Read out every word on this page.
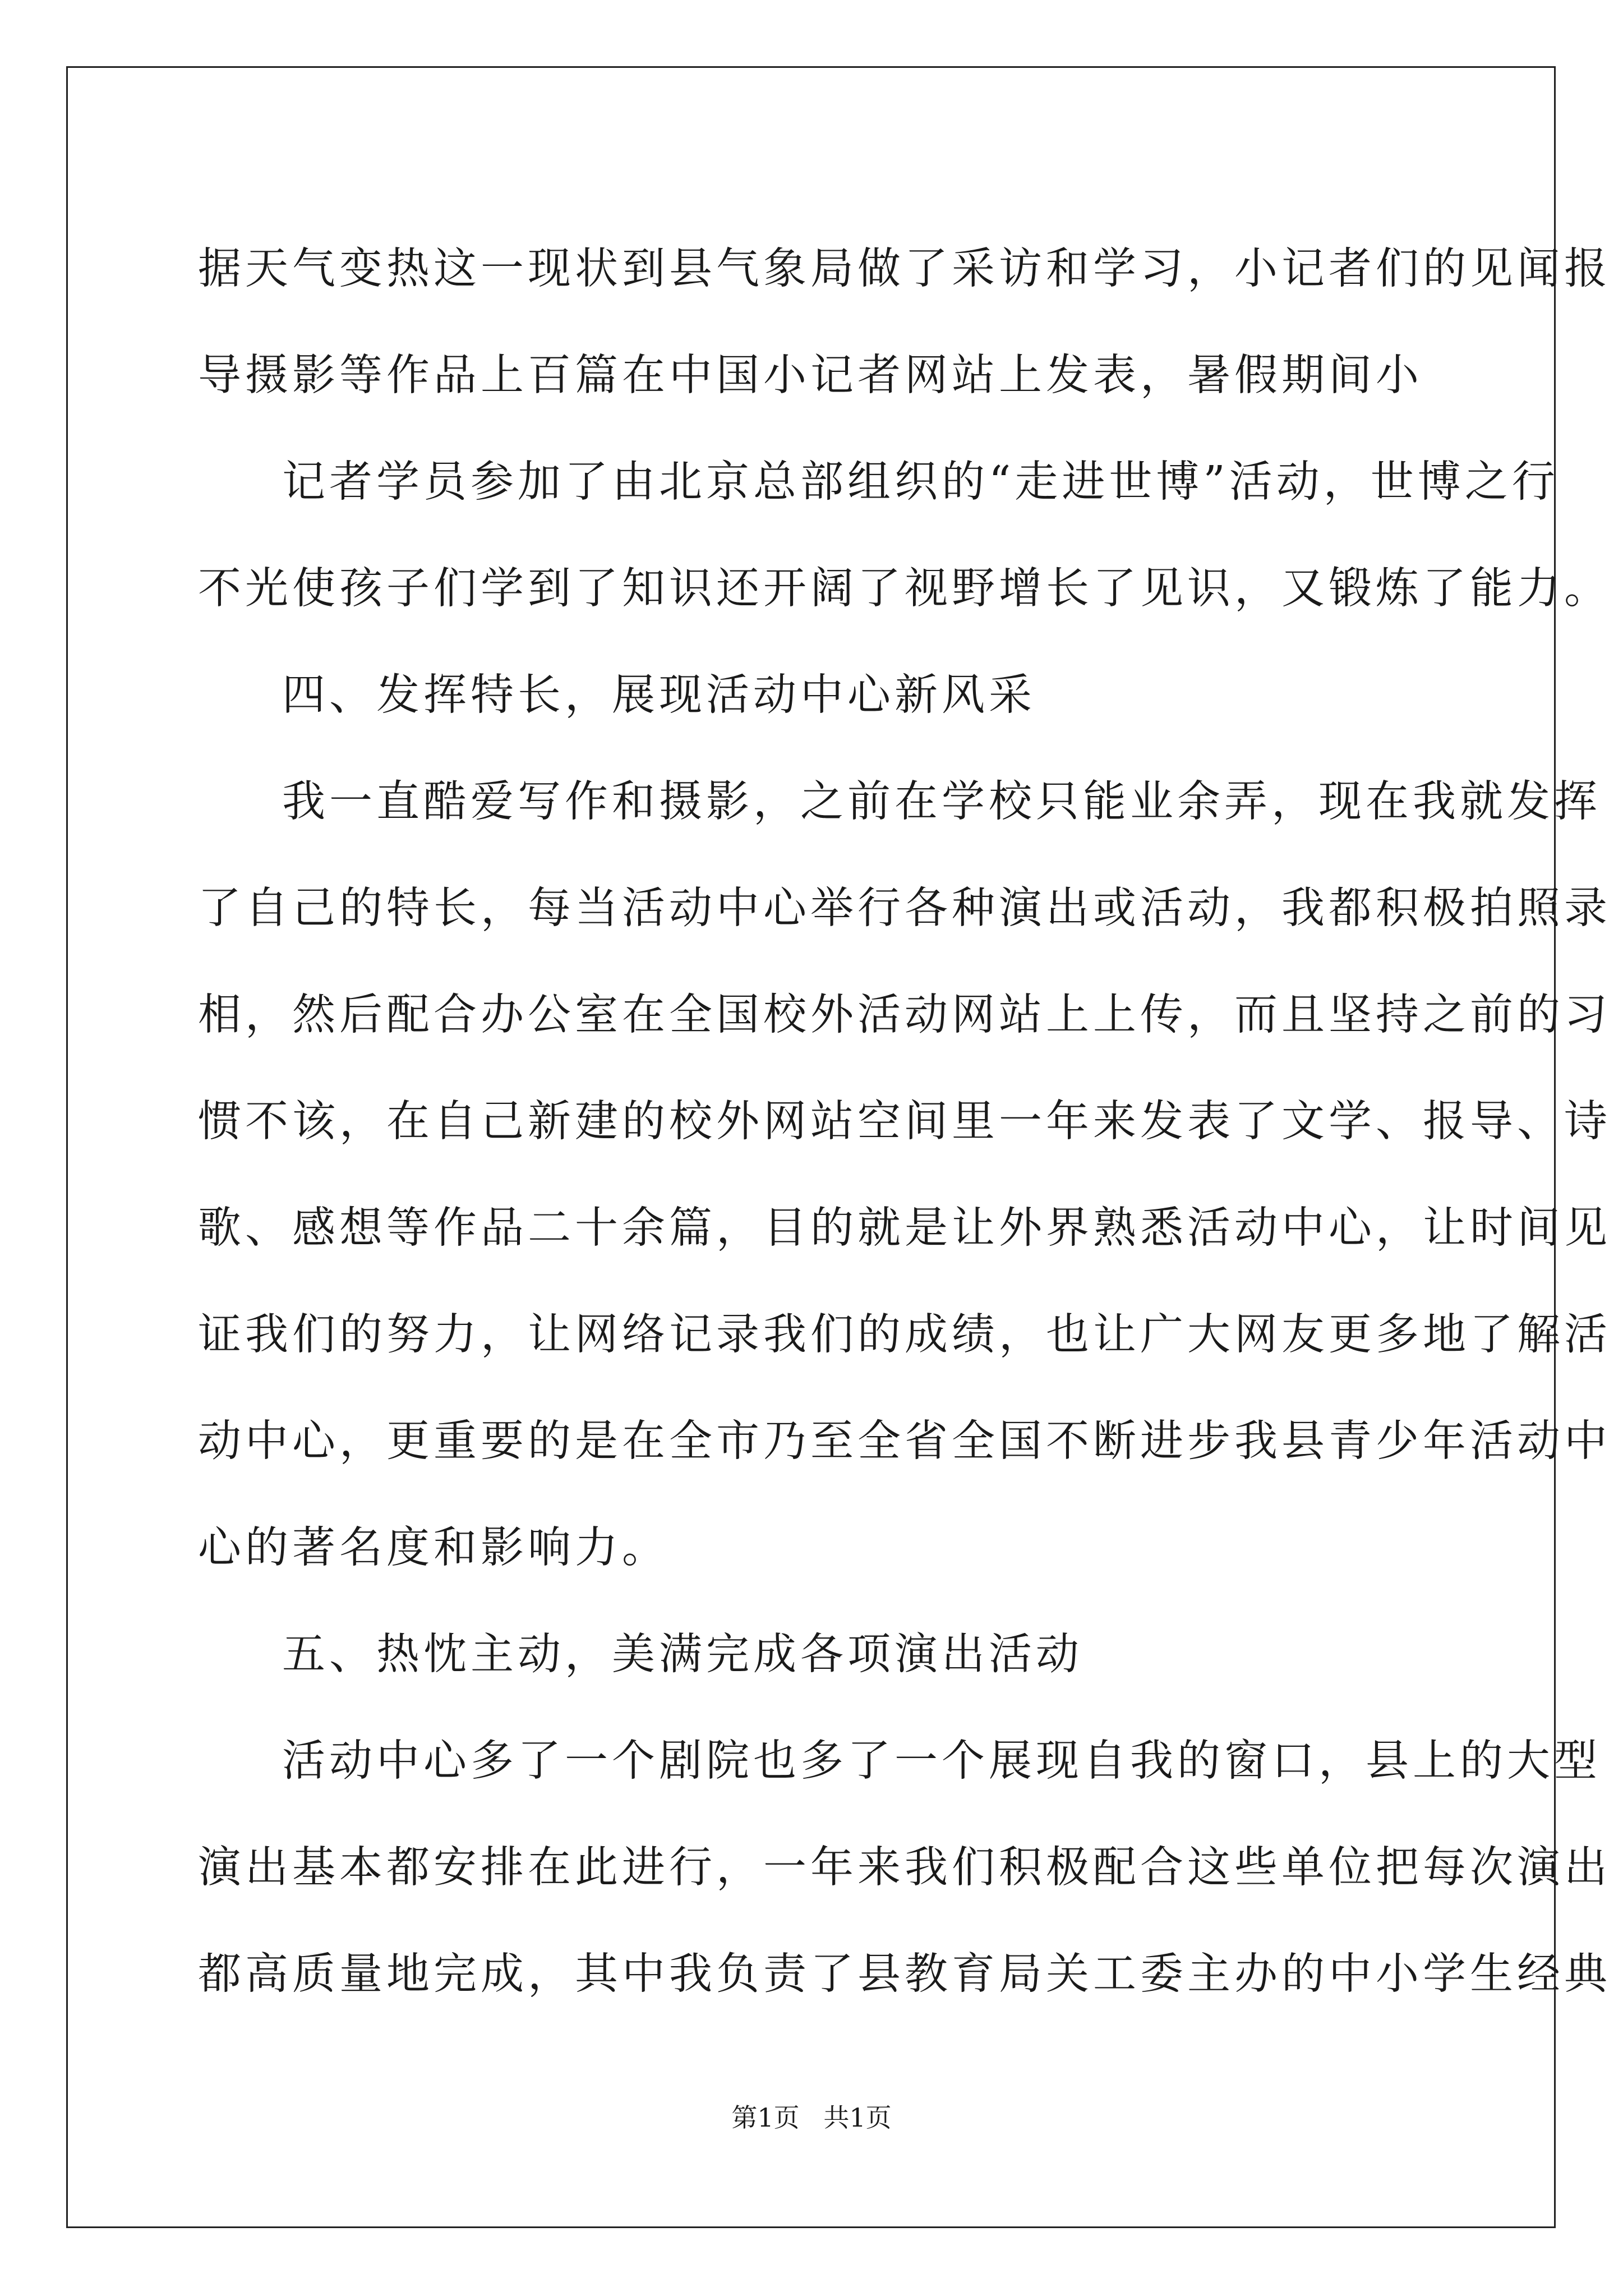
据天气变热这一现状到县气象局做了采访和学习，小记者们的见闻报
导摄影等作品上百篇在中国小记者网站上发表，暑假期间小
记者学员参加了由北京总部组织的“走进世博”活动，世博之行
不光使孩子们学到了知识还开阔了视野增长了见识，又锻炼了能力。
四、发挥特长，展现活动中心新风采
我一直酷爱写作和摄影，之前在学校只能业余弄，现在我就发挥
了自己的特长，每当活动中心举行各种演出或活动，我都积极拍照录
相，然后配合办公室在全国校外活动网站上上传，而且坚持之前的习
惯不该，在自己新建的校外网站空间里一年来发表了文学、报导、诗
歌、感想等作品二十余篇，目的就是让外界熟悉活动中心，让时间见
证我们的努力，让网络记录我们的成绩，也让广大网友更多地了解活
动中心，更重要的是在全市乃至全省全国不断进步我县青少年活动中
心的著名度和影响力。
五、热忱主动，美满完成各项演出活动
活动中心多了一个剧院也多了一个展现自我的窗口，县上的大型
演出基本都安排在此进行，一年来我们积极配合这些单位把每次演出
都高质量地完成，其中我负责了县教育局关工委主办的中小学生经典
第1页 共1页
